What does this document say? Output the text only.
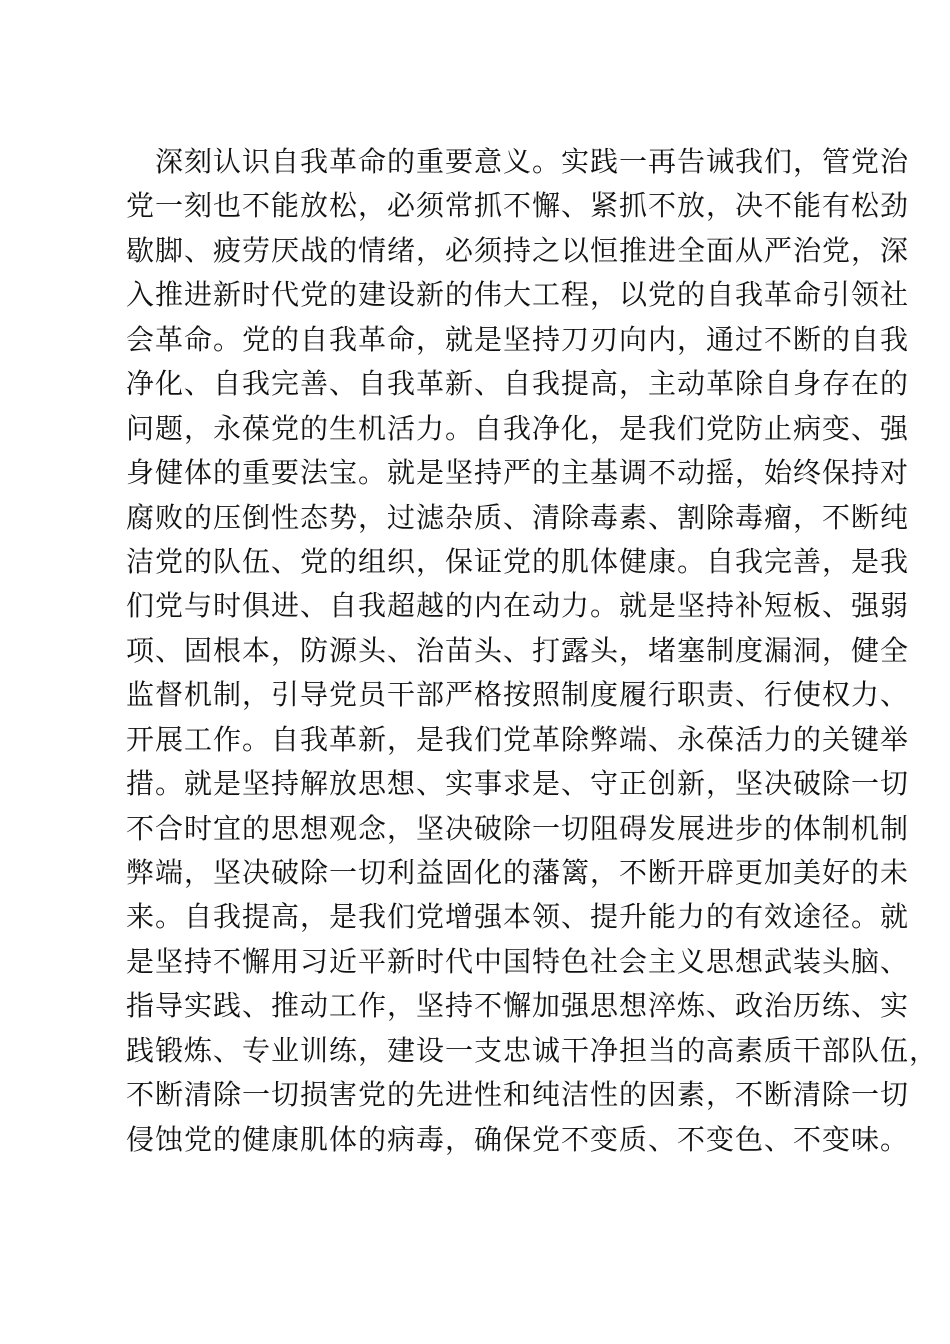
深刻认识自我革命的重要意义。实践一再告诫我们，管党治
党一刻也不能放松，必须常抓不懈、紧抓不放，决不能有松劲
歇脚、疲劳厌战的情绪，必须持之以恒推进全面从严治党，深
入推进新时代党的建设新的伟大工程，以党的自我革命引领社
会革命。党的自我革命，就是坚持刀刃向内，通过不断的自我
净化、自我完善、自我革新、自我提高，主动革除自身存在的
问题，永葆党的生机活力。自我净化，是我们党防止病变、强
身健体的重要法宝。就是坚持严的主基调不动摇，始终保持对
腐败的压倒性态势，过滤杂质、清除毒素、割除毒瘤，不断纯
洁党的队伍、党的组织，保证党的肌体健康。自我完善，是我
们党与时俱进、自我超越的内在动力。就是坚持补短板、强弱
项、固根本，防源头、治苗头、打露头，堵塞制度漏洞，健全
监督机制，引导党员干部严格按照制度履行职责、行使权力、
开展工作。自我革新，是我们党革除弊端、永葆活力的关键举
措。就是坚持解放思想、实事求是、守正创新，坚决破除一切
不合时宜的思想观念，坚决破除一切阻碍发展进步的体制机制
弊端，坚决破除一切利益固化的藩篱，不断开辟更加美好的未
来。自我提高，是我们党增强本领、提升能力的有效途径。就
是坚持不懈用习近平新时代中国特色社会主义思想武装头脑、
指导实践、推动工作，坚持不懈加强思想淬炼、政治历练、实
践锻炼、专业训练，建设一支忠诚干净担当的高素质干部队伍，
不断清除一切损害党的先进性和纯洁性的因素，不断清除一切
侵蚀党的健康肌体的病毒，确保党不变质、不变色、不变味。
